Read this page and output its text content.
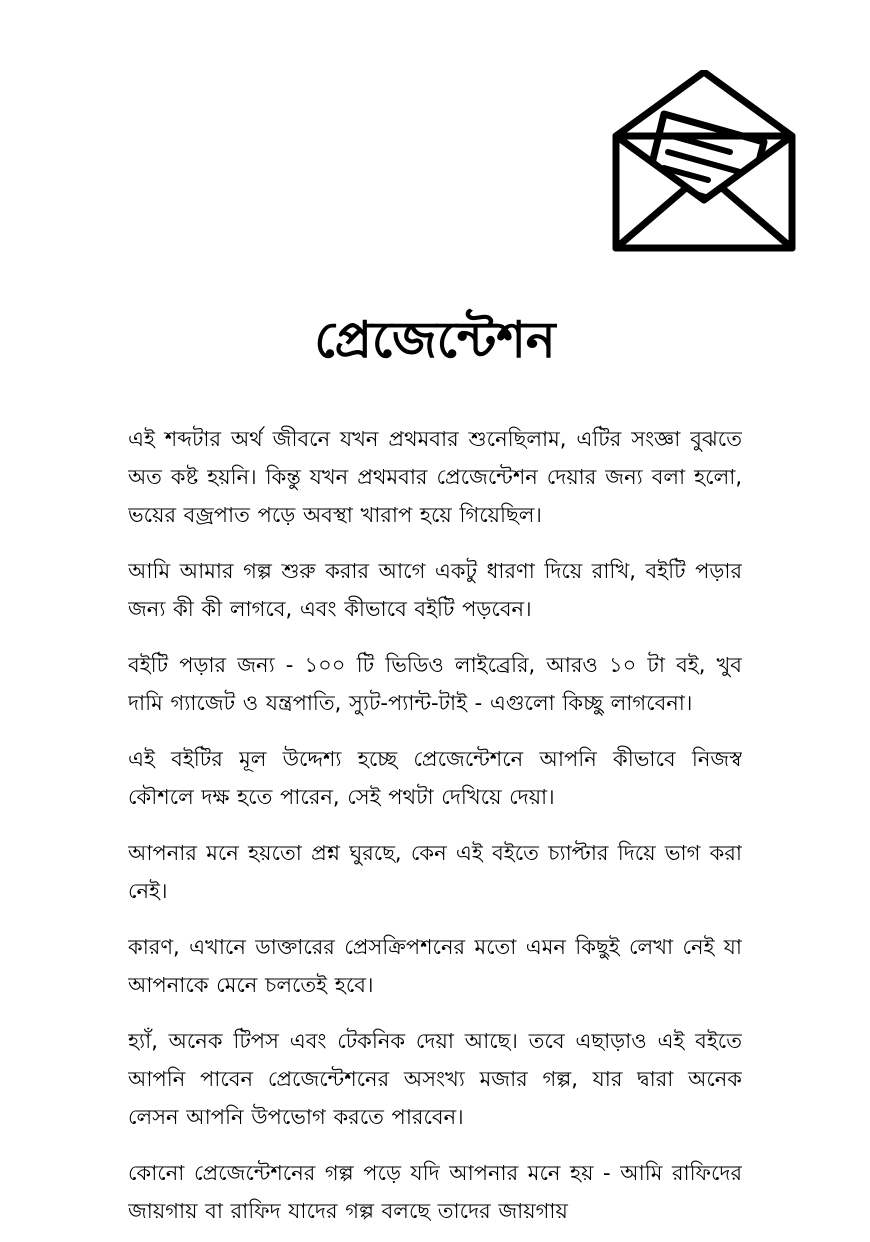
প্রেজেন্টেশন

এই শব্দটার অর্থ জীবনে যখন প্রথমবার শুনেছিলাম, এটির সংজ্ঞা বুঝতে অত কষ্ট হয়নি। কিন্তু যখন প্রথমবার প্রেজেন্টেশন দেয়ার জন্য বলা হলো, ভয়ের বজ্রপাত পড়ে অবস্থা খারাপ হয়ে গিয়েছিল।

আমি আমার গল্প শুরু করার আগে একটু ধারণা দিয়ে রাখি, বইটি পড়ার জন্য কী কী লাগবে, এবং কীভাবে বইটি পড়বেন।

বইটি পড়ার জন্য - ১০০ টি ভিডিও লাইব্রেরি, আরও ১০ টা বই, খুব দামি গ্যাজেট ও যন্ত্রপাতি, স্যুট-প্যান্ট-টাই - এগুলো কিচ্ছু লাগবেনা।

এই বইটির মূল উদ্দেশ্য হচ্ছে প্রেজেন্টেশনে আপনি কীভাবে নিজস্ব কৌশলে দক্ষ হতে পারেন, সেই পথটা দেখিয়ে দেয়া।

আপনার মনে হয়তো প্রশ্ন ঘুরছে, কেন এই বইতে চ্যাপ্টার দিয়ে ভাগ করা নেই।

কারণ, এখানে ডাক্তারের প্রেসক্রিপশনের মতো এমন কিছুই লেখা নেই যা আপনাকে মেনে চলতেই হবে।

হ্যাঁ, অনেক টিপস এবং টেকনিক দেয়া আছে। তবে এছাড়াও এই বইতে আপনি পাবেন প্রেজেন্টেশনের অসংখ্য মজার গল্প, যার দ্বারা অনেক লেসন আপনি উপভোগ করতে পারবেন।

কোনো প্রেজেন্টেশনের গল্প পড়ে যদি আপনার মনে হয় - আমি রাফিদের জায়গায় বা রাফিদ যাদের গল্প বলছে তাদের জায়গায়
